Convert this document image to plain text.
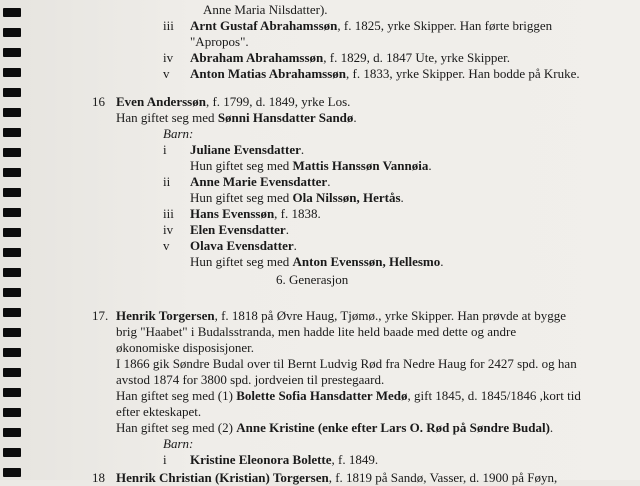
Anne Maria Nilsdatter).
iii Arnt Gustaf Abrahamssøn, f. 1825, yrke Skipper. Han førte briggen
"Apropos".
iv Abraham Abrahamssøn, f. 1829, d. 1847 Ute, yrke Skipper.
v Anton Matias Abrahamssøn, f. 1833, yrke Skipper. Han bodde på Kruke.
16 Even Anderssøn, f. 1799, d. 1849, yrke Los.
Han giftet seg med Sønni Hansdatter Sandø.
Barn:
i Juliane Evensdatter.
Hun giftet seg med Mattis Hanssøn Vannøia.
ii Anne Marie Evensdatter.
Hun giftet seg med Ola Nilssøn, Hertås.
iii Hans Evenssøn, f. 1838.
iv Elen Evensdatter.
v Olava Evensdatter.
Hun giftet seg med Anton Evenssøn, Hellesmo.
17. Henrik Torgersen, f. 1818 på Øvre Haug, Tjømø., yrke Skipper. Han prøvde at bygge
brig "Haabet" i Budalsstranda, men hadde lite held baade med dette og andre
økonomiske disposisjoner.
I 1866 gik Søndre Budal over til Bernt Ludvig Rød fra Nedre Haug for 2427 spd. og han
avstod 1874 for 3800 spd. jordveien til prestegaard.
Han giftet seg med (1) Bolette Sofia Hansdatter Medø, gift 1845, d. 1845/1846 ,kort tid
efter ekteskapet.
Han giftet seg med (2) Anne Kristine (enke efter Lars O. Rød på Søndre Budal).
Barn:
i Kristine Eleonora Bolette, f. 1849.
18 Henrik Christian (Kristian) Torgersen, f. 1819 på Sandø, Vasser, d. 1900 på Føyn,
6. Generasjon
